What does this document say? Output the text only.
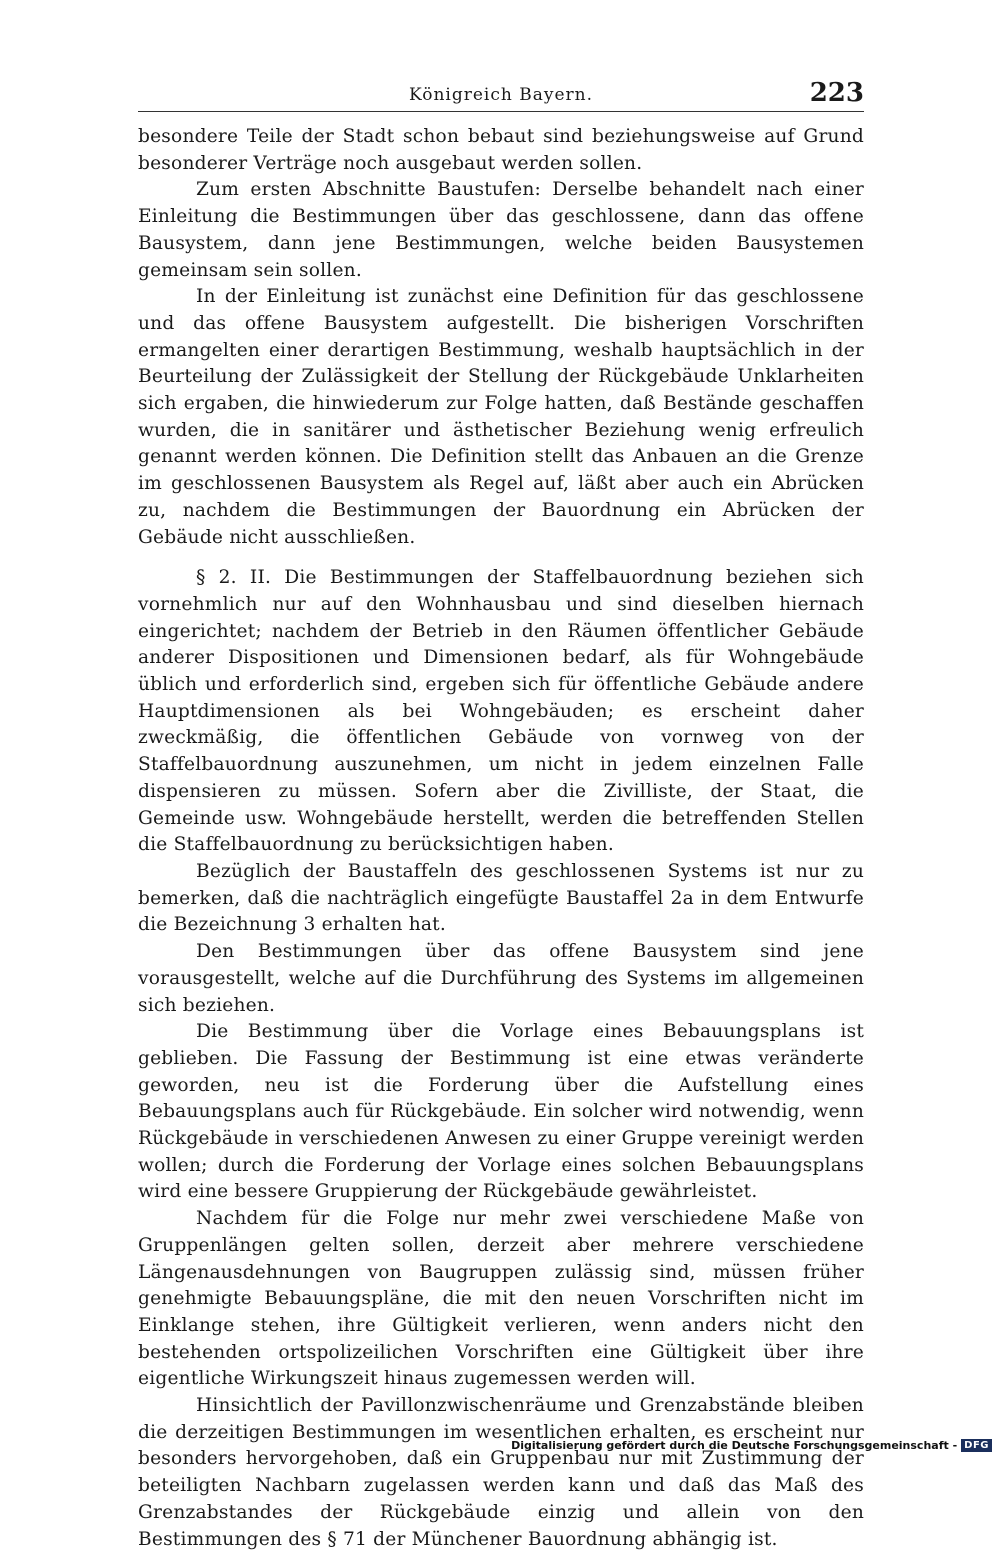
Königreich Bayern.	223

besondere Teile der Stadt schon bebaut sind beziehungsweise auf Grund besonderer Verträge noch ausgebaut werden sollen.

Zum ersten Abschnitte Baustufen: Derselbe behandelt nach einer Einleitung die Bestimmungen über das geschlossene, dann das offene Bausystem, dann jene Bestimmungen, welche beiden Bausystemen gemeinsam sein sollen.

In der Einleitung ist zunächst eine Definition für das geschlossene und das offene Bausystem aufgestellt. Die bisherigen Vorschriften ermangelten einer derartigen Bestimmung, weshalb hauptsächlich in der Beurteilung der Zulässigkeit der Stellung der Rückgebäude Unklarheiten sich ergaben, die hinwiederum zur Folge hatten, daß Bestände geschaffen wurden, die in sanitärer und ästhetischer Beziehung wenig erfreulich genannt werden können. Die Definition stellt das Anbauen an die Grenze im geschlossenen Bausystem als Regel auf, läßt aber auch ein Abrücken zu, nachdem die Bestimmungen der Bauordnung ein Abrücken der Gebäude nicht ausschließen.

§ 2. II. Die Bestimmungen der Staffelbauordnung beziehen sich vornehmlich nur auf den Wohnhausbau und sind dieselben hiernach eingerichtet; nachdem der Betrieb in den Räumen öffentlicher Gebäude anderer Dispositionen und Dimensionen bedarf, als für Wohngebäude üblich und erforderlich sind, ergeben sich für öffentliche Gebäude andere Hauptdimensionen als bei Wohngebäuden; es erscheint daher zweckmäßig, die öffentlichen Gebäude von vornweg von der Staffelbauordnung auszunehmen, um nicht in jedem einzelnen Falle dispensieren zu müssen. Sofern aber die Zivilliste, der Staat, die Gemeinde usw. Wohngebäude herstellt, werden die betreffenden Stellen die Staffelbauordnung zu berücksichtigen haben.

Bezüglich der Baustaffeln des geschlossenen Systems ist nur zu bemerken, daß die nachträglich eingefügte Baustaffel 2a in dem Entwurfe die Bezeichnung 3 erhalten hat.

Den Bestimmungen über das offene Bausystem sind jene vorausgestellt, welche auf die Durchführung des Systems im allgemeinen sich beziehen.

Die Bestimmung über die Vorlage eines Bebauungsplans ist geblieben. Die Fassung der Bestimmung ist eine etwas veränderte geworden, neu ist die Forderung über die Aufstellung eines Bebauungsplans auch für Rückgebäude. Ein solcher wird notwendig, wenn Rückgebäude in verschiedenen Anwesen zu einer Gruppe vereinigt werden wollen; durch die Forderung der Vorlage eines solchen Bebauungsplans wird eine bessere Gruppierung der Rückgebäude gewährleistet.

Nachdem für die Folge nur mehr zwei verschiedene Maße von Gruppenlängen gelten sollen, derzeit aber mehrere verschiedene Längenausdehnungen von Baugruppen zulässig sind, müssen früher genehmigte Bebauungspläne, die mit den neuen Vorschriften nicht im Einklange stehen, ihre Gültigkeit verlieren, wenn anders nicht den bestehenden ortspolizeilichen Vorschriften eine Gültigkeit über ihre eigentliche Wirkungszeit hinaus zugemessen werden will.

Hinsichtlich der Pavillonzwischenräume und Grenzabstände bleiben die derzeitigen Bestimmungen im wesentlichen erhalten, es erscheint nur besonders hervorgehoben, daß ein Gruppenbau nur mit Zustimmung der beteiligten Nachbarn zugelassen werden kann und daß das Maß des Grenzabstandes der Rückgebäude einzig und allein von den Bestimmungen des § 71 der Münchener Bauordnung abhängig ist.

Digitalisierung gefördert durch die Deutsche Forschungsgemeinschaft - DFG
